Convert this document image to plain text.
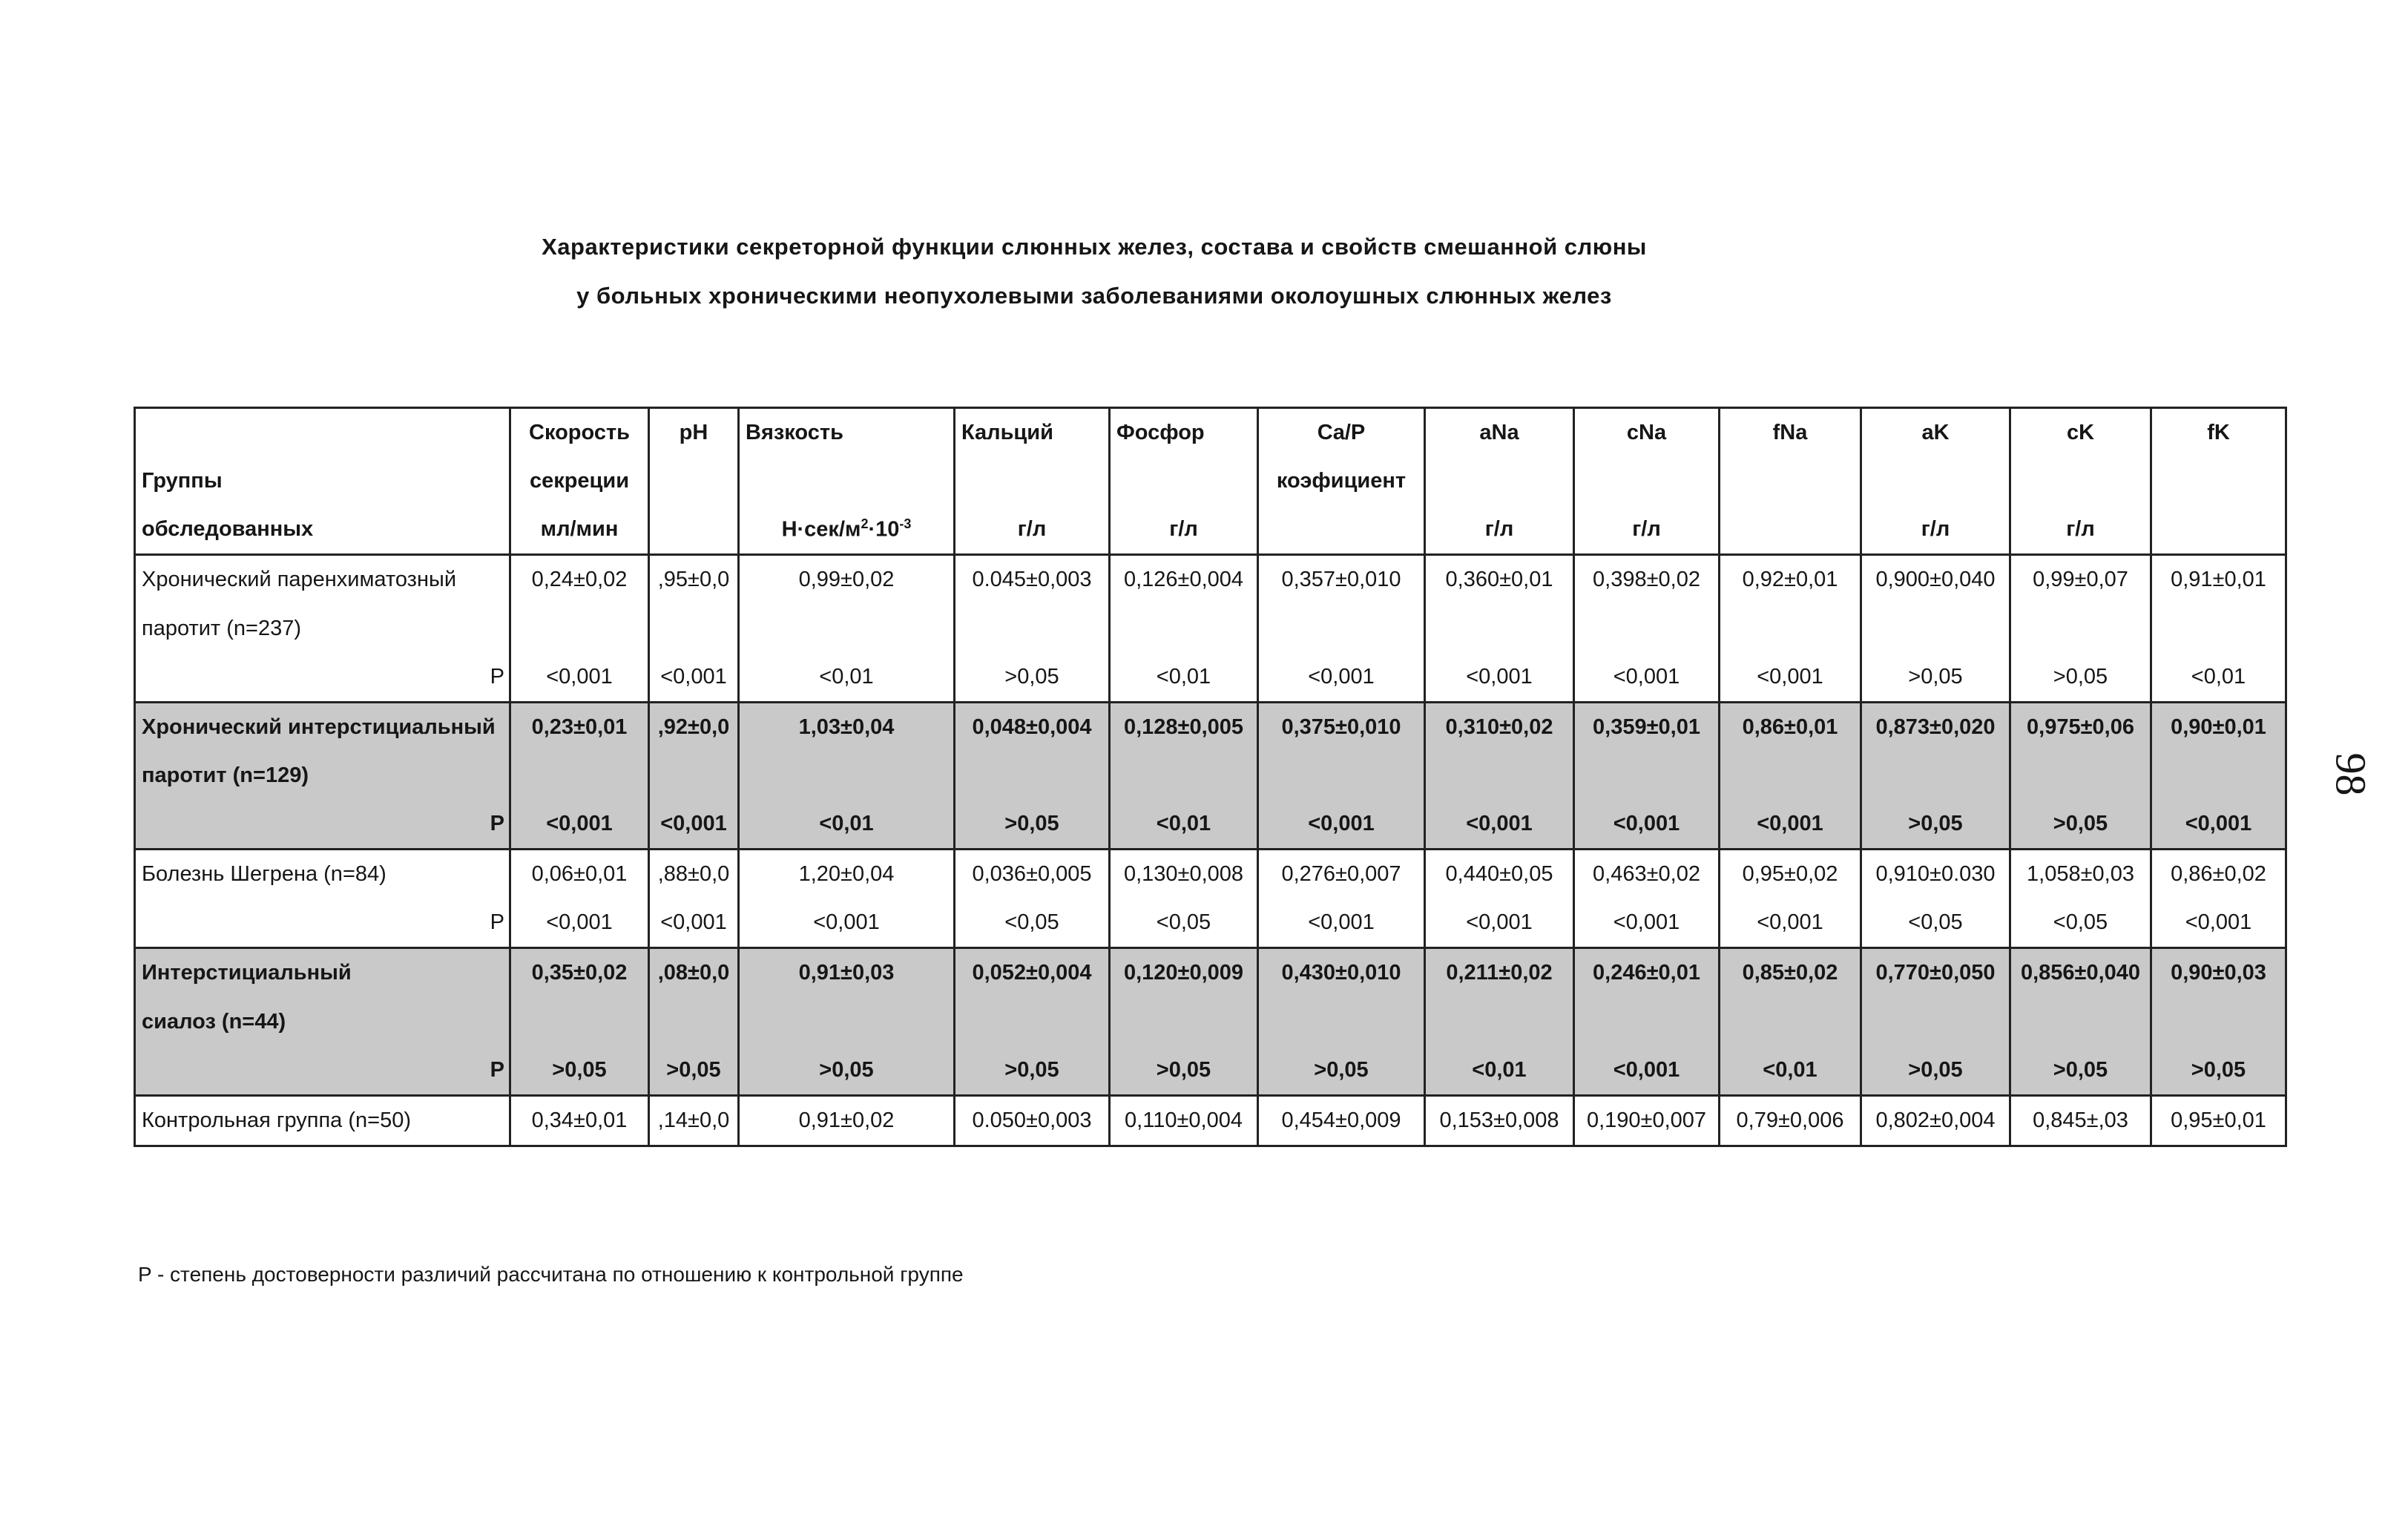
Характеристики секреторной функции слюнных желез, состава и свойств смешанной слюны
у больных хроническими неопухолевыми заболеваниями околоушных слюнных желез
	Скорость	pH	Вязкость	Кальций	Фосфор	Ca/P	aNa	cNa	fNa	aK	cK	fK
Группы	секреции					коэфициент						
обследованных	мл/мин		$Н\cdot сек/м^2\cdot 10^{-3}$	г/л	г/л		г/л	г/л		г/л	г/л	
Хронический паренхиматозный	0,24±0,02	,95±0,0	0,99±0,02	0.045±0,003	0,126±0,004	0,357±0,010	0,360±0,01	0,398±0,02	0,92±0,01	0,900±0,040	0,99±0,07	0,91±0,01
паротит (n=237)												
P	<0,001	<0,001	<0,01	>0,05	<0,01	<0,001	<0,001	<0,001	<0,001	>0,05	>0,05	<0,01
Хронический интерстициальный	0,23±0,01	,92±0,0	1,03±0,04	0,048±0,004	0,128±0,005	0,375±0,010	0,310±0,02	0,359±0,01	0,86±0,01	0,873±0,020	0,975±0,06	0,90±0,01
паротит (n=129)												
P	<0,001	<0,001	<0,01	>0,05	<0,01	<0,001	<0,001	<0,001	<0,001	>0,05	>0,05	<0,001
Болезнь Шегрена (n=84)	0,06±0,01	,88±0,0	1,20±0,04	0,036±0,005	0,130±0,008	0,276±0,007	0,440±0,05	0,463±0,02	0,95±0,02	0,910±0.030	1,058±0,03	0,86±0,02
P	<0,001	<0,001	<0,001	<0,05	<0,05	<0,001	<0,001	<0,001	<0,001	<0,05	<0,05	<0,001
Интерстициальный	0,35±0,02	,08±0,0	0,91±0,03	0,052±0,004	0,120±0,009	0,430±0,010	0,211±0,02	0,246±0,01	0,85±0,02	0,770±0,050	0,856±0,040	0,90±0,03
сиалоз (n=44)												
P	>0,05	>0,05	>0,05	>0,05	>0,05	>0,05	<0,01	<0,001	<0,01	>0,05	>0,05	>0,05
Контрольная группа (n=50)	0,34±0,01	,14±0,0	0,91±0,02	0.050±0,003	0,110±0,004	0,454±0,009	0,153±0,008	0,190±0,007	0,79±0,006	0,802±0,004	0,845±,03	0,95±0,01
P - степень достоверности различий рассчитана по отношению к контрольной группе
98
